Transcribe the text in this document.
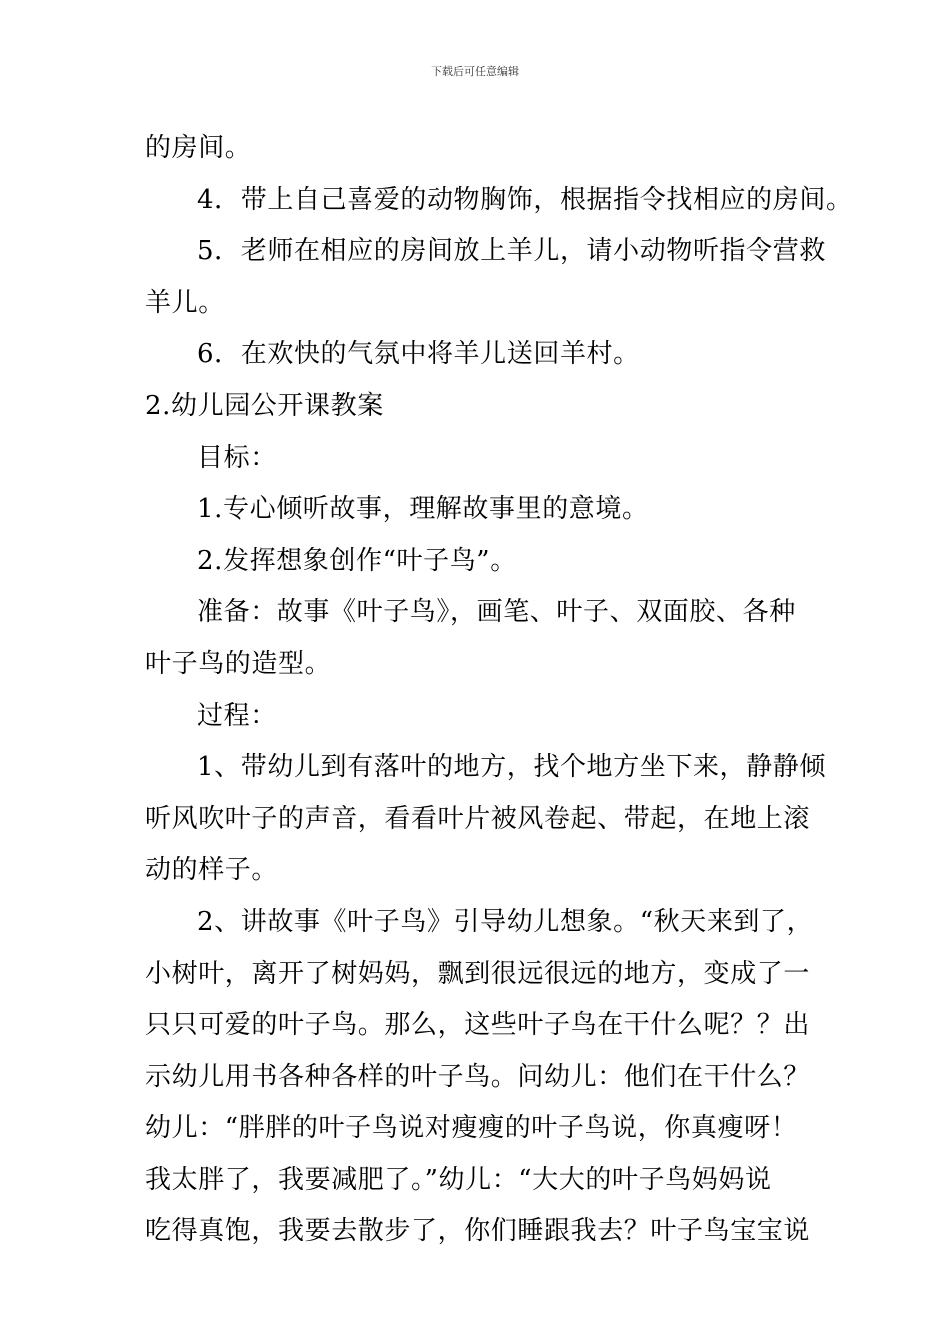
下载后可任意编辑
的房间。
4．带上自己喜爱的动物胸饰，根据指令找相应的房间。
5．老师在相应的房间放上羊儿，请小动物听指令营救
羊儿。
6．在欢快的气氛中将羊儿送回羊村。
2.幼儿园公开课教案
目标：
1.专心倾听故事，理解故事里的意境。
2.发挥想象创作“叶子鸟”。
准备：故事《叶子鸟》，画笔、叶子、双面胶、各种
叶子鸟的造型。
过程：
1、带幼儿到有落叶的地方，找个地方坐下来，静静倾
听风吹叶子的声音，看看叶片被风卷起、带起，在地上滚
动的样子。
2、讲故事《叶子鸟》引导幼儿想象。“秋天来到了，
小树叶，离开了树妈妈，飘到很远很远的地方，变成了一
只只可爱的叶子鸟。那么，这些叶子鸟在干什么呢？？出
示幼儿用书各种各样的叶子鸟。问幼儿：他们在干什么？
幼儿：“胖胖的叶子鸟说对瘦瘦的叶子鸟说，你真瘦呀！
我太胖了，我要减肥了。”幼儿：“大大的叶子鸟妈妈说
吃得真饱，我要去散步了，你们睡跟我去？叶子鸟宝宝说
